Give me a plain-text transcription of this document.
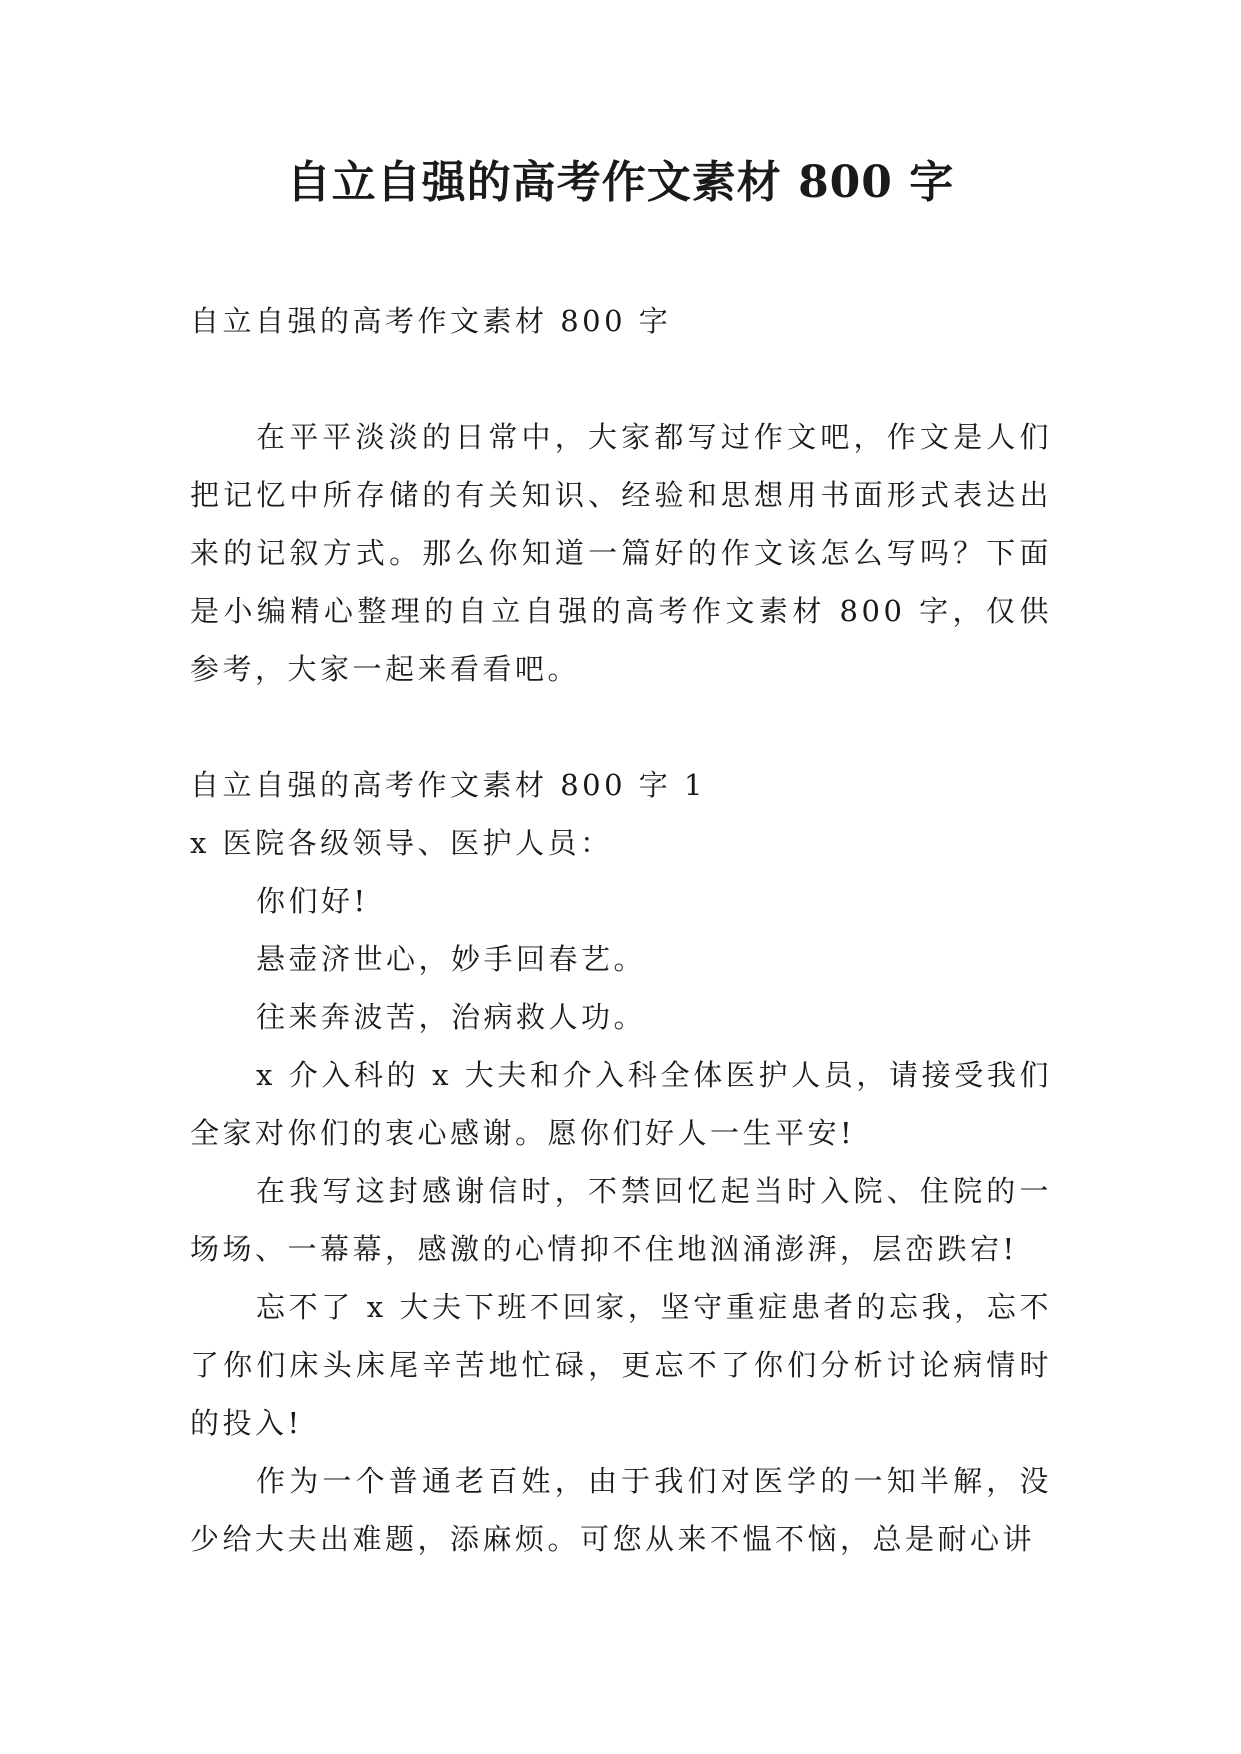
自立自强的高考作文素材 800 字

自立自强的高考作文素材 800 字

在平平淡淡的日常中，大家都写过作文吧，作文是人们把记忆中所存储的有关知识、经验和思想用书面形式表达出来的记叙方式。那么你知道一篇好的作文该怎么写吗？下面是小编精心整理的自立自强的高考作文素材 800 字，仅供参考，大家一起来看看吧。

自立自强的高考作文素材 800 字 1

x 医院各级领导、医护人员：

你们好!

悬壶济世心，妙手回春艺。

往来奔波苦，治病救人功。

x 介入科的 x 大夫和介入科全体医护人员，请接受我们全家对你们的衷心感谢。愿你们好人一生平安!

在我写这封感谢信时，不禁回忆起当时入院、住院的一场场、一幕幕，感激的心情抑不住地汹涌澎湃，层峦跌宕!

忘不了 x 大夫下班不回家，坚守重症患者的忘我，忘不了你们床头床尾辛苦地忙碌，更忘不了你们分析讨论病情时的投入!

作为一个普通老百姓，由于我们对医学的一知半解，没少给大夫出难题，添麻烦。可您从来不愠不恼，总是耐心讲
